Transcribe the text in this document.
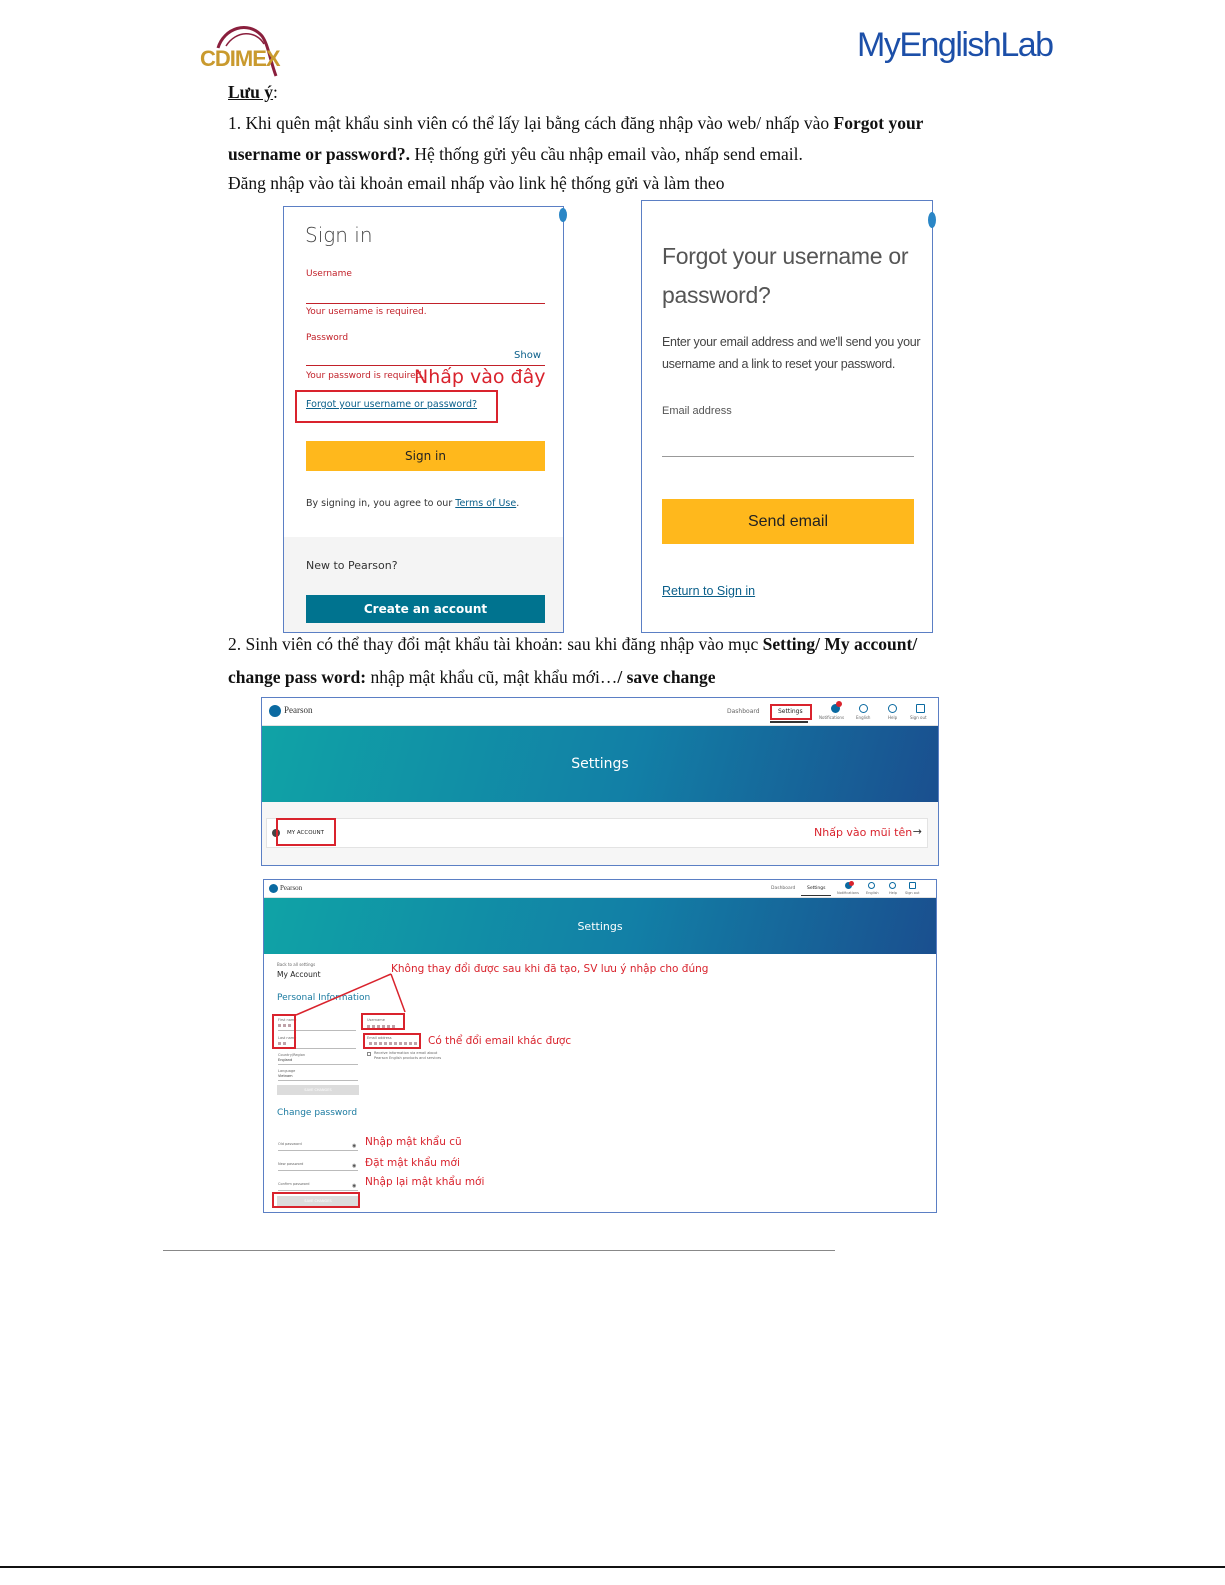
CDIMEX	MyEnglishLab
Lưu ý:
1. Khi quên mật khẩu sinh viên có thể lấy lại bằng cách đăng nhập vào web/ nhấp vào Forgot your
username or password?. Hệ thống gửi yêu cầu nhập email vào, nhấp send email.
Đăng nhập vào tài khoản email nhấp vào link hệ thống gửi và làm theo
Sign in
Username
Your username is required.
Password
Show
Your password is required.
Forgot your username or password?
Sign in
By signing in, you agree to our Terms of Use.
New to Pearson?
Create an account
Nhấp vào đây
Forgot your username or
password?
Enter your email address and we'll send you your
username and a link to reset your password.
Email address
Send email
Return to Sign in
2. Sinh viên có thể thay đổi mật khẩu tài khoản: sau khi đăng nhập vào mục Setting/ My account/
change pass word: nhập mật khẩu cũ, mật khẩu mới…/ save change
Pearson	Dashboard	Settings
Notifications	English	Help	Sign out
Settings
MY ACCOUNT	→
Nhấp vào mũi tên
Pearson	Dashboard	Settings
Notifications English	Help Sign out
Settings
Back to all settings
My Account
Personal Information
First name
Last name
Country/Region
England
Language
Vietnam
SAVE CHANGES
Username
Email address
Receive information via email about
Pearson English products and services
Change password
Old password	◉
New password	◉
Confirm password	◉
SAVE CHANGES
Không thay đổi được sau khi đã tạo, SV lưu ý nhập cho đúng
Có thể đổi email khác được
Nhập mật khẩu cũ
Đặt mật khẩu mới
Nhập lại mật khẩu mới
